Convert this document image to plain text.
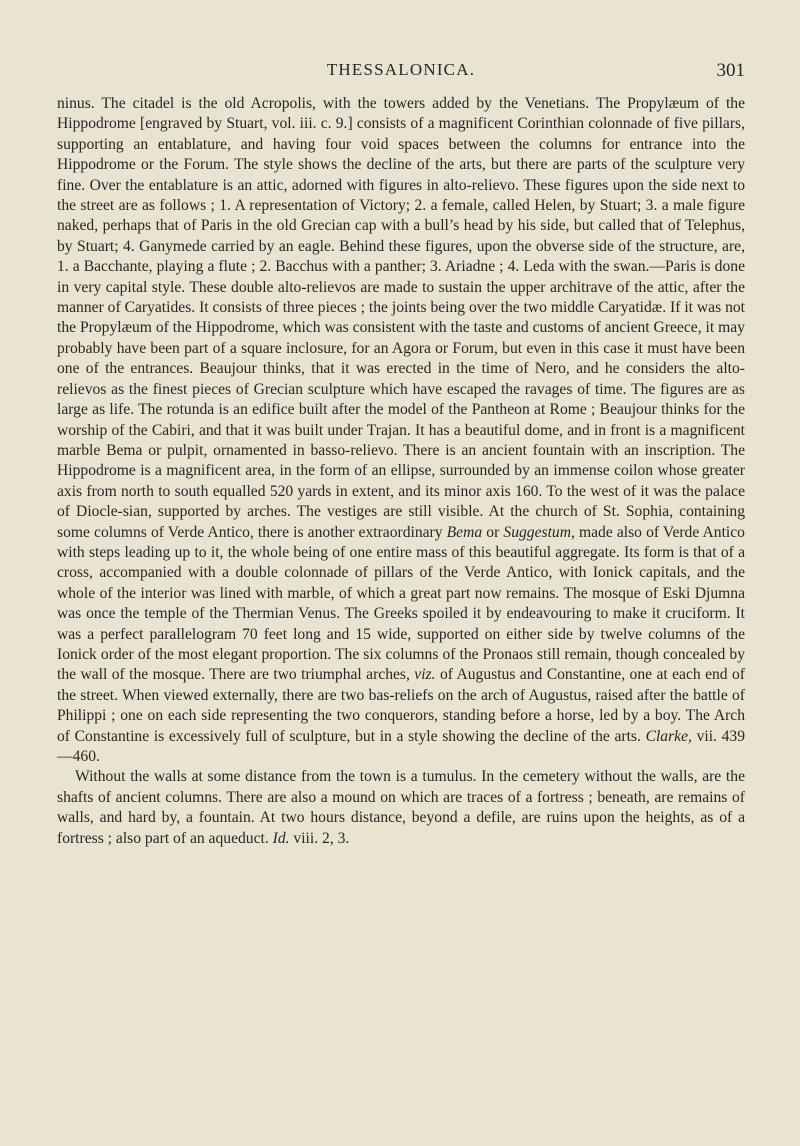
THESSALONICA.	301

ninus. The citadel is the old Acropolis, with the towers added by the Venetians. The Propylæum of the Hippodrome [engraved by Stuart, vol. iii. c. 9.] consists of a magnificent Corinthian colonnade of five pillars, supporting an entablature, and having four void spaces between the columns for entrance into the Hippodrome or the Forum. The style shows the decline of the arts, but there are parts of the sculpture very fine. Over the entablature is an attic, adorned with figures in alto-relievo. These figures upon the side next to the street are as follows ; 1. A representation of Victory; 2. a female, called Helen, by Stuart; 3. a male figure naked, perhaps that of Paris in the old Grecian cap with a bull’s head by his side, but called that of Telephus, by Stuart; 4. Ganymede carried by an eagle. Behind these figures, upon the obverse side of the structure, are, 1. a Bacchante, playing a flute ; 2. Bacchus with a panther; 3. Ariadne ; 4. Leda with the swan.—Paris is done in very capital style. These double alto-relievos are made to sustain the upper architrave of the attic, after the manner of Caryatides. It consists of three pieces ; the joints being over the two middle Caryatidæ. If it was not the Propylæum of the Hippodrome, which was consistent with the taste and customs of ancient Greece, it may probably have been part of a square inclosure, for an Agora or Forum, but even in this case it must have been one of the entrances. Beaujour thinks, that it was erected in the time of Nero, and he considers the alto-relievos as the finest pieces of Grecian sculpture which have escaped the ravages of time. The figures are as large as life. The rotunda is an edifice built after the model of the Pantheon at Rome ; Beaujour thinks for the worship of the Cabiri, and that it was built under Trajan. It has a beautiful dome, and in front is a magnificent marble Bema or pulpit, ornamented in basso-relievo. There is an ancient fountain with an inscription. The Hippodrome is a magnificent area, in the form of an ellipse, surrounded by an immense coilon whose greater axis from north to south equalled 520 yards in extent, and its minor axis 160. To the west of it was the palace of Diocle-sian, supported by arches. The vestiges are still visible. At the church of St. Sophia, containing some columns of Verde Antico, there is another extraordinary Bema or Suggestum, made also of Verde Antico with steps leading up to it, the whole being of one entire mass of this beautiful aggregate. Its form is that of a cross, accompanied with a double colonnade of pillars of the Verde Antico, with Ionick capitals, and the whole of the interior was lined with marble, of which a great part now remains. The mosque of Eski Djumna was once the temple of the Thermian Venus. The Greeks spoiled it by endeavouring to make it cruciform. It was a perfect parallelogram 70 feet long and 15 wide, supported on either side by twelve columns of the Ionick order of the most elegant proportion. The six columns of the Pronaos still remain, though concealed by the wall of the mosque. There are two triumphal arches, viz. of Augustus and Constantine, one at each end of the street. When viewed externally, there are two bas-reliefs on the arch of Augustus, raised after the battle of Philippi ; one on each side representing the two conquerors, standing before a horse, led by a boy. The Arch of Constantine is excessively full of sculpture, but in a style showing the decline of the arts. Clarke, vii. 439—460.

Without the walls at some distance from the town is a tumulus. In the cemetery without the walls, are the shafts of ancient columns. There are also a mound on which are traces of a fortress ; beneath, are remains of walls, and hard by, a fountain. At two hours distance, beyond a defile, are ruins upon the heights, as of a fortress ; also part of an aqueduct. Id. viii. 2, 3.
